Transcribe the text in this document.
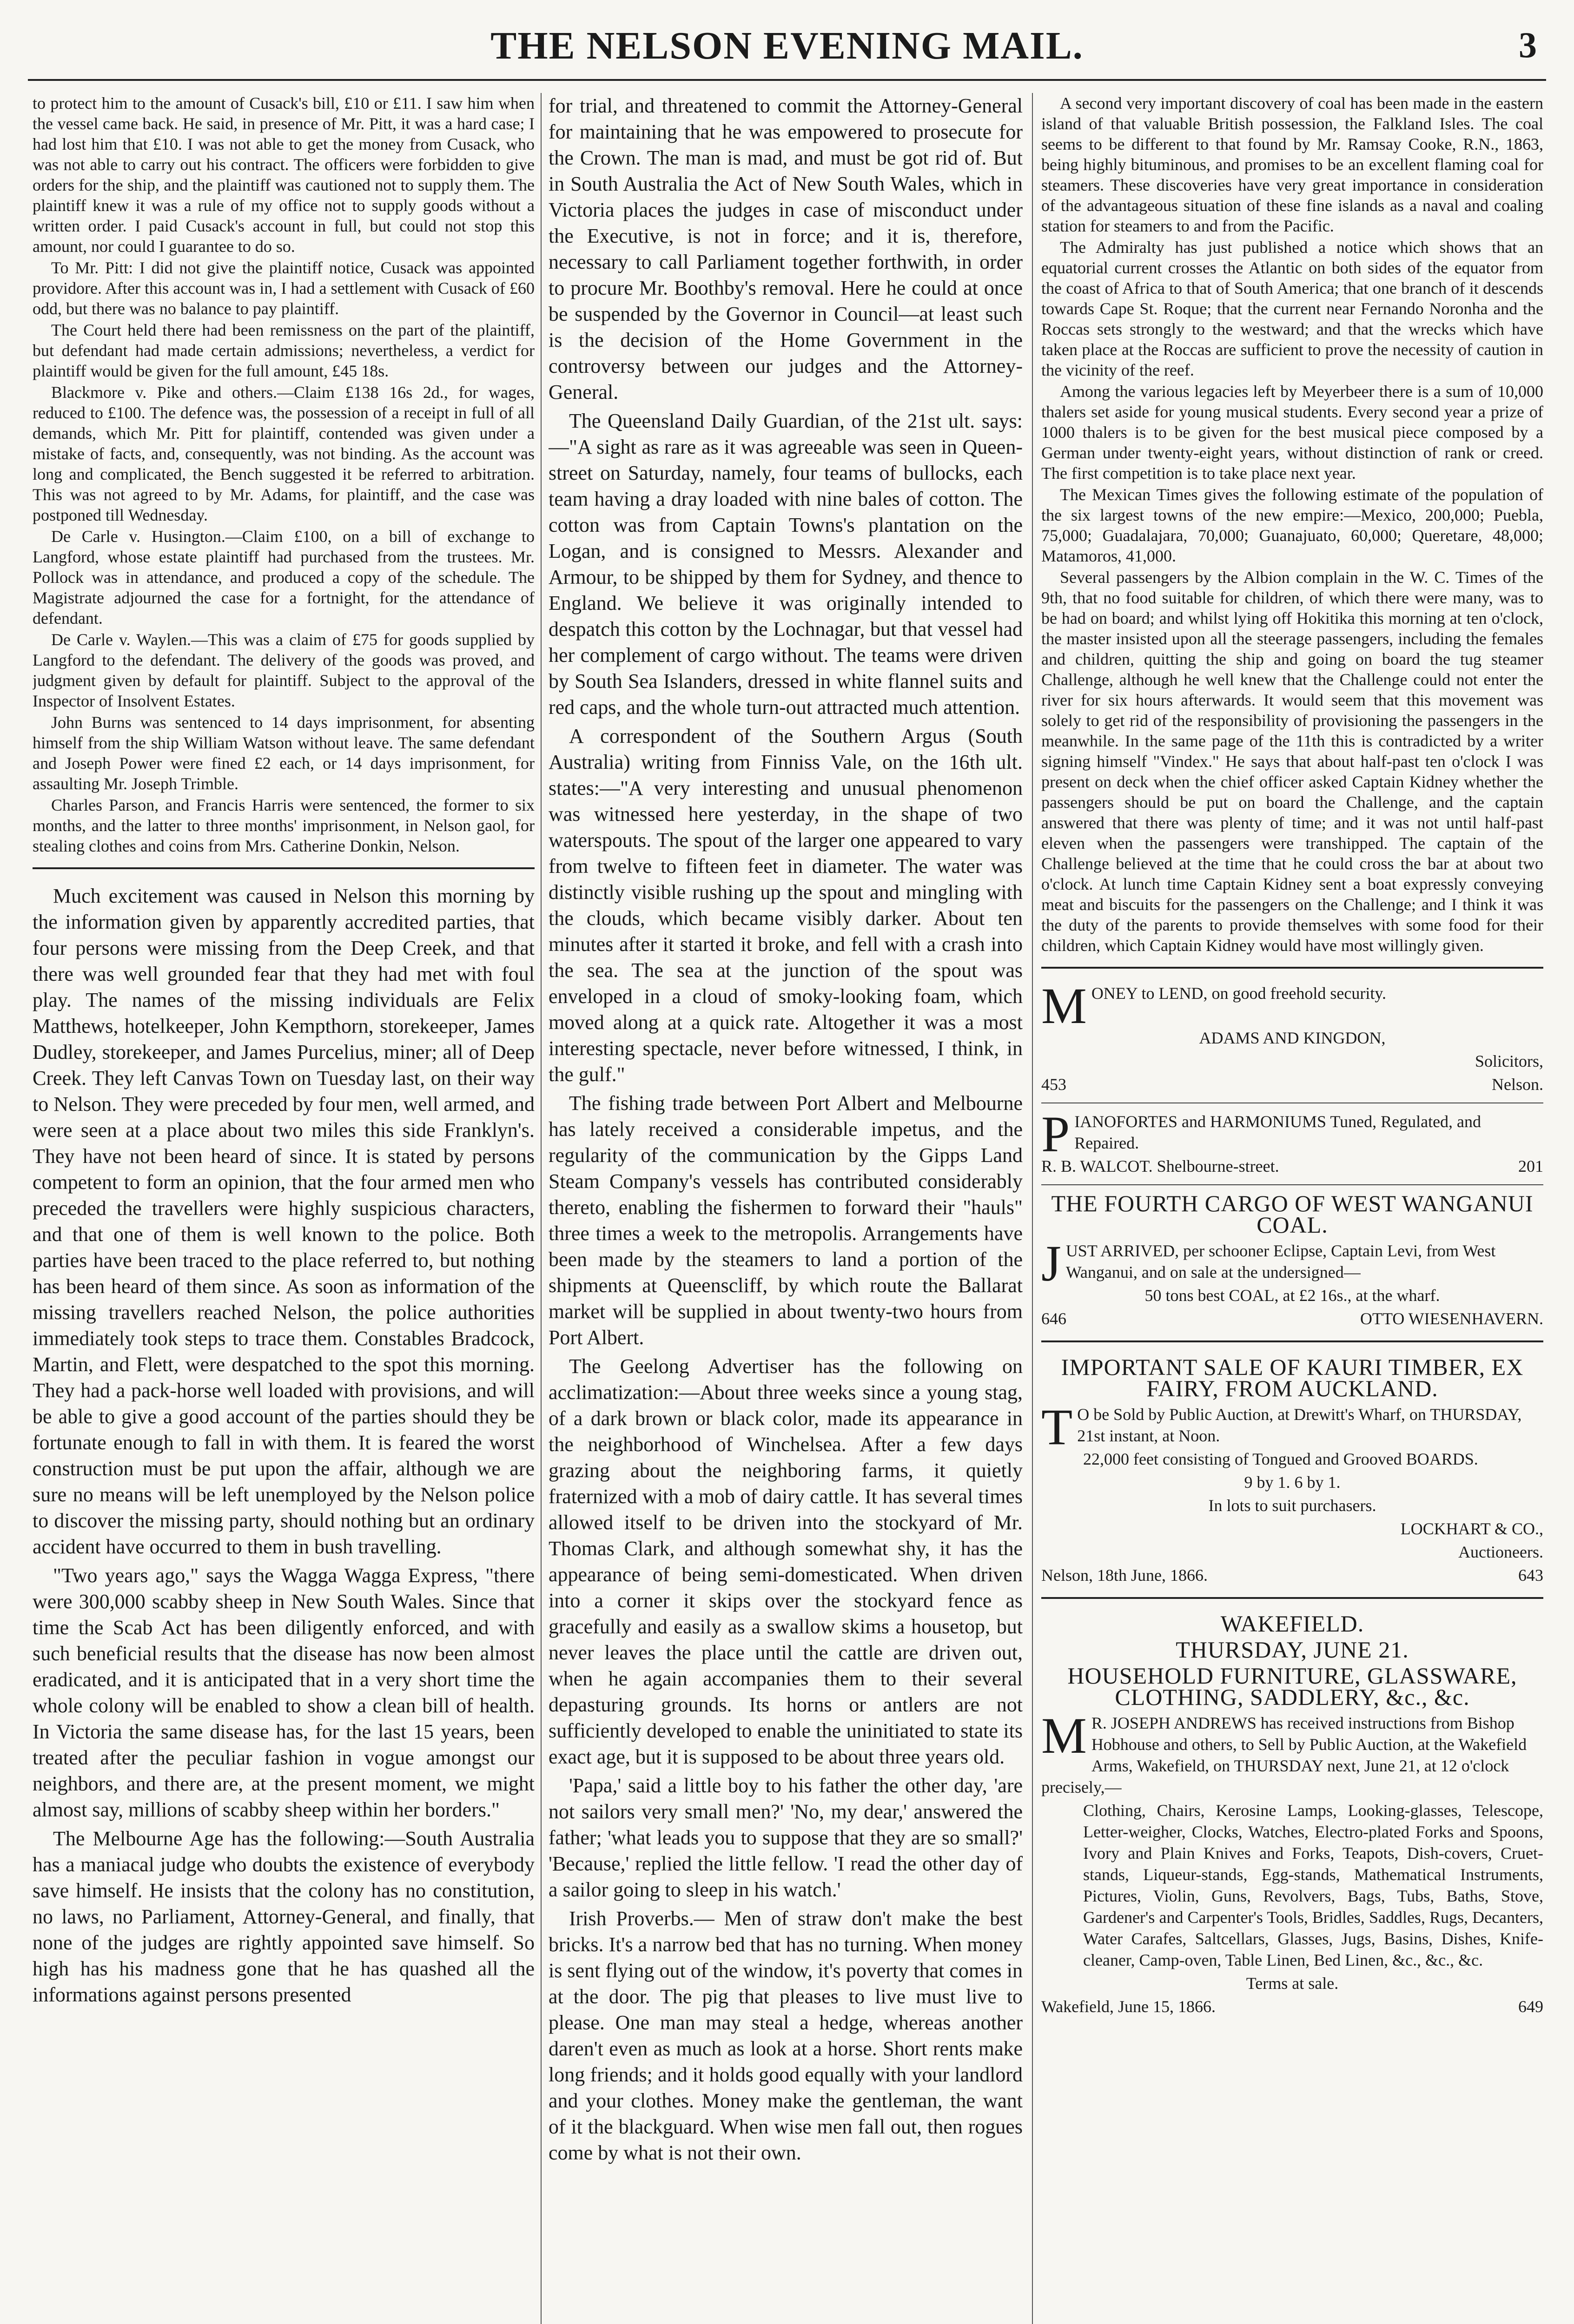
THE NELSON EVENING MAIL.	3

to protect him to the amount of Cusack's bill, £10 or £11. I saw him when the vessel came back. He said, in presence of Mr. Pitt, it was a hard case; I had lost him that £10. I was not able to get the money from Cusack, who was not able to carry out his contract. The officers were forbidden to give orders for the ship, and the plaintiff was cautioned not to supply them. The plaintiff knew it was a rule of my office not to supply goods without a written order. I paid Cusack's account in full, but could not stop this amount, nor could I guarantee to do so.

To Mr. Pitt: I did not give the plaintiff notice, Cusack was appointed providore. After this account was in, I had a settlement with Cusack of £60 odd, but there was no balance to pay plaintiff.

The Court held there had been remissness on the part of the plaintiff, but defendant had made certain admissions; nevertheless, a verdict for plaintiff would be given for the full amount, £45 18s.

Blackmore v. Pike and others.—Claim £138 16s 2d., for wages, reduced to £100. The defence was, the possession of a receipt in full of all demands, which Mr. Pitt for plaintiff, contended was given under a mistake of facts, and, consequently, was not binding. As the account was long and complicated, the Bench suggested it be referred to arbitration. This was not agreed to by Mr. Adams, for plaintiff, and the case was postponed till Wednesday.

De Carle v. Husington.—Claim £100, on a bill of exchange to Langford, whose estate plaintiff had purchased from the trustees. Mr. Pollock was in attendance, and produced a copy of the schedule. The Magistrate adjourned the case for a fortnight, for the attendance of defendant.

De Carle v. Waylen.—This was a claim of £75 for goods supplied by Langford to the defendant. The delivery of the goods was proved, and judgment given by default for plaintiff. Subject to the approval of the Inspector of Insolvent Estates.

John Burns was sentenced to 14 days imprisonment, for absenting himself from the ship William Watson without leave. The same defendant and Joseph Power were fined £2 each, or 14 days imprisonment, for assaulting Mr. Joseph Trimble.

Charles Parson, and Francis Harris were sentenced, the former to six months, and the latter to three months' imprisonment, in Nelson gaol, for stealing clothes and coins from Mrs. Catherine Donkin, Nelson.

Much excitement was caused in Nelson this morning by the information given by apparently accredited parties, that four persons were missing from the Deep Creek, and that there was well grounded fear that they had met with foul play. The names of the missing individuals are Felix Matthews, hotelkeeper, John Kempthorn, storekeeper, James Dudley, storekeeper, and James Purcelius, miner; all of Deep Creek. They left Canvas Town on Tuesday last, on their way to Nelson. They were preceded by four men, well armed, and were seen at a place about two miles this side Franklyn's. They have not been heard of since. It is stated by persons competent to form an opinion, that the four armed men who preceded the travellers were highly suspicious characters, and that one of them is well known to the police. Both parties have been traced to the place referred to, but nothing has been heard of them since. As soon as information of the missing travellers reached Nelson, the police authorities immediately took steps to trace them. Constables Bradcock, Martin, and Flett, were despatched to the spot this morning. They had a pack-horse well loaded with provisions, and will be able to give a good account of the parties should they be fortunate enough to fall in with them. It is feared the worst construction must be put upon the affair, although we are sure no means will be left unemployed by the Nelson police to discover the missing party, should nothing but an ordinary accident have occurred to them in bush travelling.

"Two years ago," says the Wagga Wagga Express, "there were 300,000 scabby sheep in New South Wales. Since that time the Scab Act has been diligently enforced, and with such beneficial results that the disease has now been almost eradicated, and it is anticipated that in a very short time the whole colony will be enabled to show a clean bill of health. In Victoria the same disease has, for the last 15 years, been treated after the peculiar fashion in vogue amongst our neighbors, and there are, at the present moment, we might almost say, millions of scabby sheep within her borders."

The Melbourne Age has the following:—South Australia has a maniacal judge who doubts the existence of everybody save himself. He insists that the colony has no constitution, no laws, no Parliament, Attorney-General, and finally, that none of the judges are rightly appointed save himself. So high has his madness gone that he has quashed all the informations against persons presented

for trial, and threatened to commit the Attorney-General for maintaining that he was empowered to prosecute for the Crown. The man is mad, and must be got rid of. But in South Australia the Act of New South Wales, which in Victoria places the judges in case of misconduct under the Executive, is not in force; and it is, therefore, necessary to call Parliament together forthwith, in order to procure Mr. Boothby's removal. Here he could at once be suspended by the Governor in Council—at least such is the decision of the Home Government in the controversy between our judges and the Attorney-General.

The Queensland Daily Guardian, of the 21st ult. says:—"A sight as rare as it was agreeable was seen in Queen-street on Saturday, namely, four teams of bullocks, each team having a dray loaded with nine bales of cotton. The cotton was from Captain Towns's plantation on the Logan, and is consigned to Messrs. Alexander and Armour, to be shipped by them for Sydney, and thence to England. We believe it was originally intended to despatch this cotton by the Lochnagar, but that vessel had her complement of cargo without. The teams were driven by South Sea Islanders, dressed in white flannel suits and red caps, and the whole turn-out attracted much attention.

A correspondent of the Southern Argus (South Australia) writing from Finniss Vale, on the 16th ult. states:—"A very interesting and unusual phenomenon was witnessed here yesterday, in the shape of two waterspouts. The spout of the larger one appeared to vary from twelve to fifteen feet in diameter. The water was distinctly visible rushing up the spout and mingling with the clouds, which became visibly darker. About ten minutes after it started it broke, and fell with a crash into the sea. The sea at the junction of the spout was enveloped in a cloud of smoky-looking foam, which moved along at a quick rate. Altogether it was a most interesting spectacle, never before witnessed, I think, in the gulf."

The fishing trade between Port Albert and Melbourne has lately received a considerable impetus, and the regularity of the communication by the Gipps Land Steam Company's vessels has contributed considerably thereto, enabling the fishermen to forward their "hauls" three times a week to the metropolis. Arrangements have been made by the steamers to land a portion of the shipments at Queenscliff, by which route the Ballarat market will be supplied in about twenty-two hours from Port Albert.

The Geelong Advertiser has the following on acclimatization:—About three weeks since a young stag, of a dark brown or black color, made its appearance in the neighborhood of Winchelsea. After a few days grazing about the neighboring farms, it quietly fraternized with a mob of dairy cattle. It has several times allowed itself to be driven into the stockyard of Mr. Thomas Clark, and although somewhat shy, it has the appearance of being semi-domesticated. When driven into a corner it skips over the stockyard fence as gracefully and easily as a swallow skims a housetop, but never leaves the place until the cattle are driven out, when he again accompanies them to their several depasturing grounds. Its horns or antlers are not sufficiently developed to enable the uninitiated to state its exact age, but it is supposed to be about three years old.

'Papa,' said a little boy to his father the other day, 'are not sailors very small men?' 'No, my dear,' answered the father; 'what leads you to suppose that they are so small?' 'Because,' replied the little fellow. 'I read the other day of a sailor going to sleep in his watch.'

Irish Proverbs.— Men of straw don't make the best bricks. It's a narrow bed that has no turning. When money is sent flying out of the window, it's poverty that comes in at the door. The pig that pleases to live must live to please. One man may steal a hedge, whereas another daren't even as much as look at a horse. Short rents make long friends; and it holds good equally with your landlord and your clothes. Money make the gentleman, the want of it the blackguard. When wise men fall out, then rogues come by what is not their own.

A second very important discovery of coal has been made in the eastern island of that valuable British possession, the Falkland Isles. The coal seems to be different to that found by Mr. Ramsay Cooke, R.N., 1863, being highly bituminous, and promises to be an excellent flaming coal for steamers. These discoveries have very great importance in consideration of the advantageous situation of these fine islands as a naval and coaling station for steamers to and from the Pacific.

The Admiralty has just published a notice which shows that an equatorial current crosses the Atlantic on both sides of the equator from the coast of Africa to that of South America; that one branch of it descends towards Cape St. Roque; that the current near Fernando Noronha and the Roccas sets strongly to the westward; and that the wrecks which have taken place at the Roccas are sufficient to prove the necessity of caution in the vicinity of the reef.

Among the various legacies left by Meyerbeer there is a sum of 10,000 thalers set aside for young musical students. Every second year a prize of 1000 thalers is to be given for the best musical piece composed by a German under twenty-eight years, without distinction of rank or creed. The first competition is to take place next year.

The Mexican Times gives the following estimate of the population of the six largest towns of the new empire:—Mexico, 200,000; Puebla, 75,000; Guadalajara, 70,000; Guanajuato, 60,000; Queretare, 48,000; Matamoros, 41,000.

Several passengers by the Albion complain in the W. C. Times of the 9th, that no food suitable for children, of which there were many, was to be had on board; and whilst lying off Hokitika this morning at ten o'clock, the master insisted upon all the steerage passengers, including the females and children, quitting the ship and going on board the tug steamer Challenge, although he well knew that the Challenge could not enter the river for six hours afterwards. It would seem that this movement was solely to get rid of the responsibility of provisioning the passengers in the meanwhile. In the same page of the 11th this is contradicted by a writer signing himself "Vindex." He says that about half-past ten o'clock I was present on deck when the chief officer asked Captain Kidney whether the passengers should be put on board the Challenge, and the captain answered that there was plenty of time; and it was not until half-past eleven when the passengers were transhipped. The captain of the Challenge believed at the time that he could cross the bar at about two o'clock. At lunch time Captain Kidney sent a boat expressly conveying meat and biscuits for the passengers on the Challenge; and I think it was the duty of the parents to provide themselves with some food for their children, which Captain Kidney would have most willingly given.

MONEY to LEND, on good freehold security.

ADAMS AND KINGDON,

Solicitors,

453	Nelson.

PIANOFORTES and HARMONIUMS Tuned, Regulated, and Repaired.

R. B. WALCOT. Shelbourne-street.	201
THE FOURTH CARGO OF WEST WANGANUI COAL.

JUST ARRIVED, per schooner Eclipse, Captain Levi, from West Wanganui, and on sale at the undersigned—

50 tons best COAL, at £2 16s., at the wharf.

646	OTTO WIESENHAVERN.
IMPORTANT SALE OF KAURI TIMBER, EX FAIRY, FROM AUCKLAND.

T O be Sold by Public Auction, at Drewitt's Wharf, on THURSDAY, 21st instant, at Noon.

22,000 feet consisting of Tongued and Grooved BOARDS.

9 by 1. 6 by 1.

In lots to suit purchasers.

LOCKHART & CO.,

Auctioneers.

Nelson, 18th June, 1866.	643
WAKEFIELD.
THURSDAY, JUNE 21.
HOUSEHOLD FURNITURE, GLASSWARE, CLOTHING, SADDLERY, &c., &c.

M R. JOSEPH ANDREWS has received instructions from Bishop Hobhouse and others, to Sell by Public Auction, at the Wakefield Arms, Wakefield, on THURSDAY next, June 21, at 12 o'clock precisely,—

Clothing, Chairs, Kerosine Lamps, Looking-glasses, Telescope, Letter-weigher, Clocks, Watches, Electro-plated Forks and Spoons, Ivory and Plain Knives and Forks, Teapots, Dish-covers, Cruet-stands, Liqueur-stands, Egg-stands, Mathematical Instruments, Pictures, Violin, Guns, Revolvers, Bags, Tubs, Baths, Stove, Gardener's and Carpenter's Tools, Bridles, Saddles, Rugs, Decanters, Water Carafes, Saltcellars, Glasses, Jugs, Basins, Dishes, Knife-cleaner, Camp-oven, Table Linen, Bed Linen, &c., &c., &c.

Terms at sale.

Wakefield, June 15, 1866.	649
